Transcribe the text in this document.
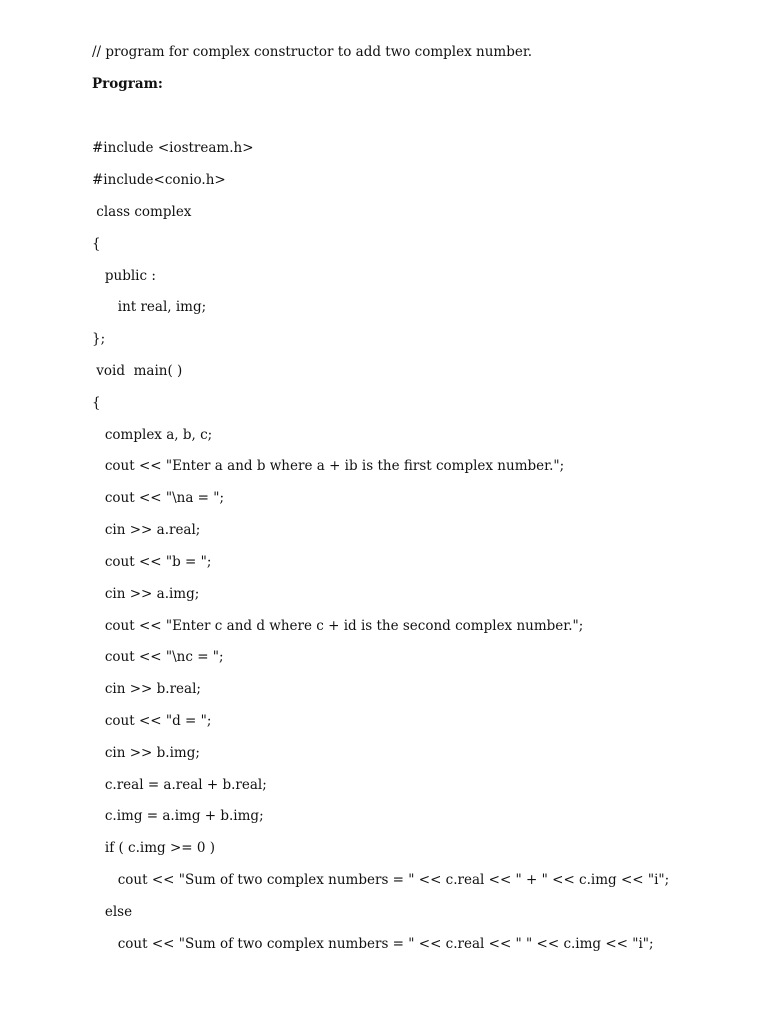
// program for complex constructor to add two complex number.
Program:
#include <iostream.h>
#include<conio.h>
class complex
{
public :
int real, img;
};
void  main( )
{
complex a, b, c;
cout << "Enter a and b where a + ib is the first complex number.";
cout << "\na = ";
cin >> a.real;
cout << "b = ";
cin >> a.img;
cout << "Enter c and d where c + id is the second complex number.";
cout << "\nc = ";
cin >> b.real;
cout << "d = ";
cin >> b.img;
c.real = a.real + b.real;
c.img = a.img + b.img;
if ( c.img >= 0 )
cout << "Sum of two complex numbers = " << c.real << " + " << c.img << "i";
else
cout << "Sum of two complex numbers = " << c.real << " " << c.img << "i";
